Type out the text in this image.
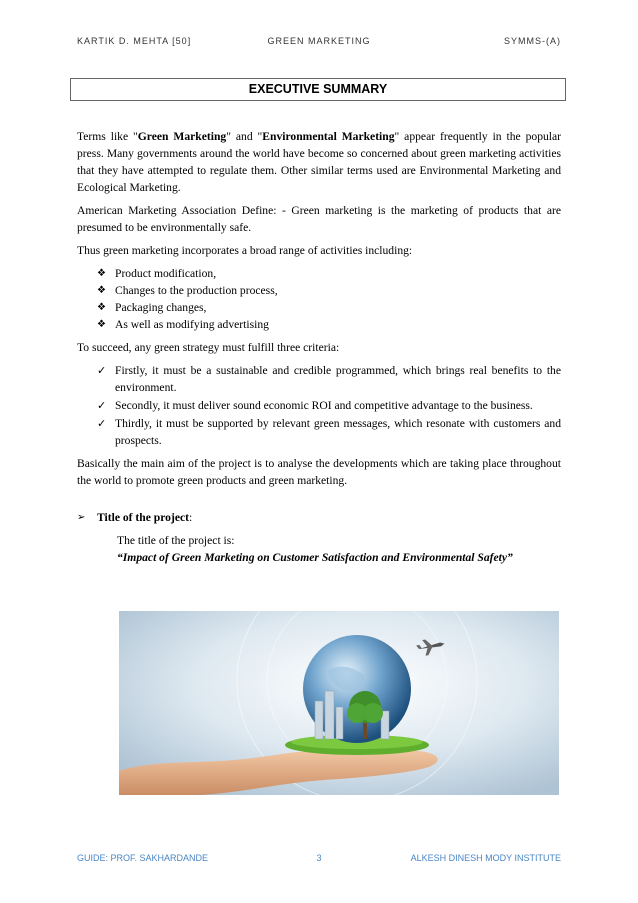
KARTIK D. MEHTA [50]	GREEN MARKETING	SYMMS-(A)
EXECUTIVE SUMMARY

Terms like "Green Marketing" and "Environmental Marketing" appear frequently in the popular press. Many governments around the world have become so concerned about green marketing activities that they have attempted to regulate them. Other similar terms used are Environmental Marketing and Ecological Marketing.

American Marketing Association Define: - Green marketing is the marketing of products that are presumed to be environmentally safe.

Thus green marketing incorporates a broad range of activities including:

❖ Product modification,
❖ Changes to the production process,
❖ Packaging changes,
❖ As well as modifying advertising

To succeed, any green strategy must fulfill three criteria:

✓ Firstly, it must be a sustainable and credible programmed, which brings real benefits to the environment.
✓ Secondly, it must deliver sound economic ROI and competitive advantage to the business.
✓ Thirdly, it must be supported by relevant green messages, which resonate with customers and prospects.

Basically the main aim of the project is to analyse the developments which are taking place throughout the world to promote green products and green marketing.

➢ Title of the project:
The title of the project is:
“Impact of Green Marketing on Customer Satisfaction and Environmental Safety”
GUIDE: PROF. SAKHARDANDE	3	ALKESH DINESH MODY INSTITUTE
